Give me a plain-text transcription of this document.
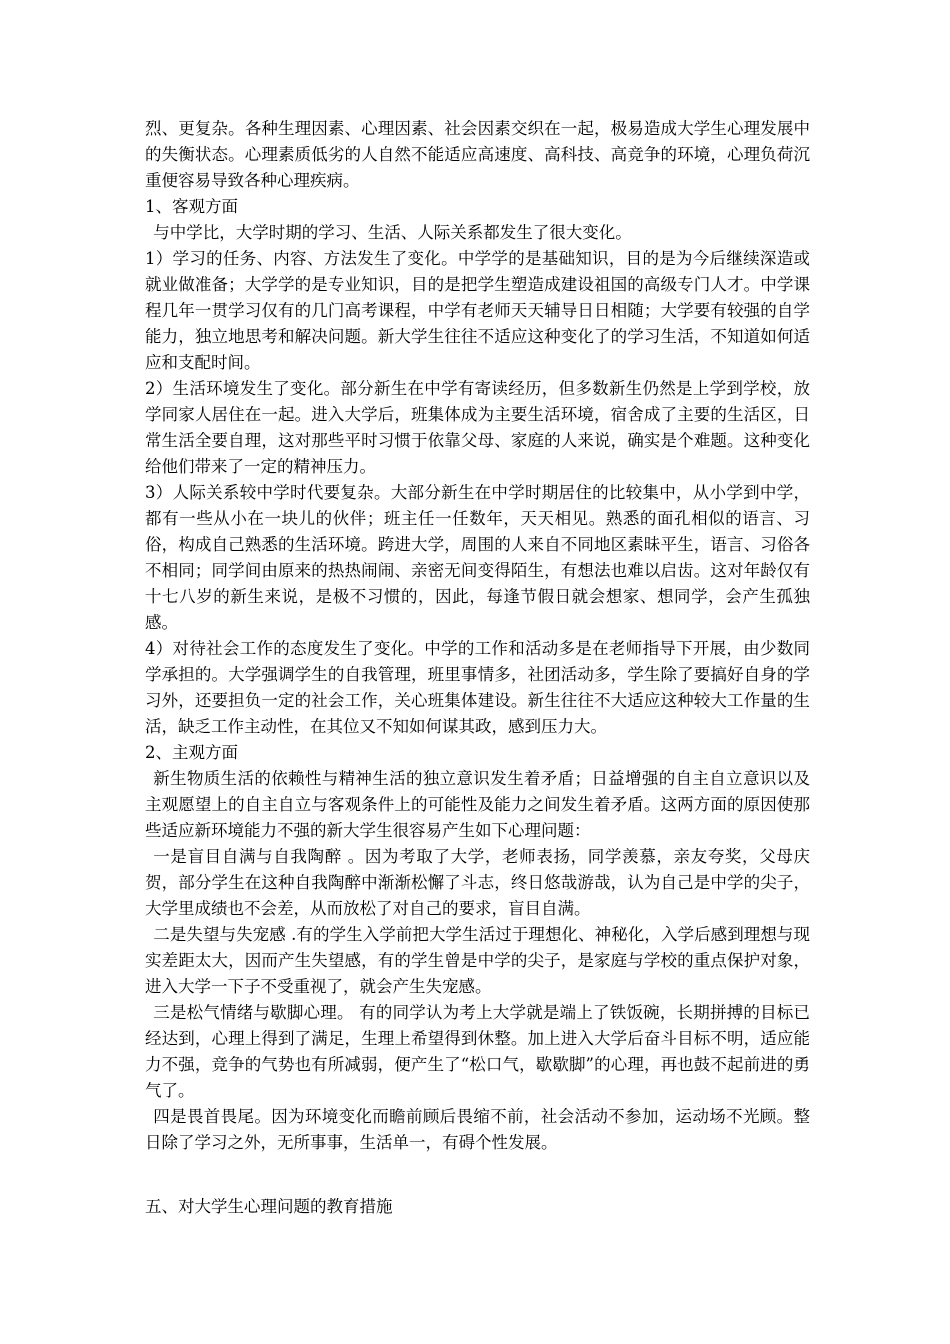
烈、更复杂。各种生理因素、心理因素、社会因素交织在一起，极易造成大学生心理发展中的失衡状态。心理素质低劣的人自然不能适应高速度、高科技、高竞争的环境，心理负荷沉重便容易导致各种心理疾病。

1、客观方面

与中学比，大学时期的学习、生活、人际关系都发生了很大变化。

1）学习的任务、内容、方法发生了变化。中学学的是基础知识，目的是为今后继续深造或就业做准备；大学学的是专业知识，目的是把学生塑造成建设祖国的高级专门人才。中学课程几年一贯学习仅有的几门高考课程，中学有老师天天辅导日日相随；大学要有较强的自学能力，独立地思考和解决问题。新大学生往往不适应这种变化了的学习生活，不知道如何适应和支配时间。

2）生活环境发生了变化。部分新生在中学有寄读经历，但多数新生仍然是上学到学校，放学同家人居住在一起。进入大学后，班集体成为主要生活环境，宿舍成了主要的生活区，日常生活全要自理，这对那些平时习惯于依靠父母、家庭的人来说，确实是个难题。这种变化给他们带来了一定的精神压力。

3）人际关系较中学时代要复杂。大部分新生在中学时期居住的比较集中，从小学到中学，都有一些从小在一块儿的伙伴；班主任一任数年，天天相见。熟悉的面孔相似的语言、习俗，构成自己熟悉的生活环境。跨进大学，周围的人来自不同地区素昧平生，语言、习俗各不相同；同学间由原来的热热闹闹、亲密无间变得陌生，有想法也难以启齿。这对年龄仅有十七八岁的新生来说，是极不习惯的，因此，每逢节假日就会想家、想同学，会产生孤独感。

4）对待社会工作的态度发生了变化。中学的工作和活动多是在老师指导下开展，由少数同学承担的。大学强调学生的自我管理，班里事情多，社团活动多，学生除了要搞好自身的学习外，还要担负一定的社会工作，关心班集体建设。新生往往不大适应这种较大工作量的生活，缺乏工作主动性，在其位又不知如何谋其政，感到压力大。

2、主观方面

新生物质生活的依赖性与精神生活的独立意识发生着矛盾；日益增强的自主自立意识以及主观愿望上的自主自立与客观条件上的可能性及能力之间发生着矛盾。这两方面的原因使那些适应新环境能力不强的新大学生很容易产生如下心理问题：

一是盲目自满与自我陶醉 。因为考取了大学，老师表扬，同学羡慕，亲友夸奖，父母庆贺，部分学生在这种自我陶醉中渐渐松懈了斗志，终日悠哉游哉，认为自己是中学的尖子，大学里成绩也不会差，从而放松了对自己的要求，盲目自满。

二是失望与失宠感 .有的学生入学前把大学生活过于理想化、神秘化，入学后感到理想与现实差距太大，因而产生失望感，有的学生曾是中学的尖子，是家庭与学校的重点保护对象，进入大学一下子不受重视了，就会产生失宠感。

三是松气情绪与歇脚心理。 有的同学认为考上大学就是端上了铁饭碗，长期拼搏的目标已经达到，心理上得到了满足，生理上希望得到休整。加上进入大学后奋斗目标不明，适应能力不强，竞争的气势也有所减弱，便产生了“松口气，歇歇脚”的心理，再也鼓不起前进的勇气了。

四是畏首畏尾。因为环境变化而瞻前顾后畏缩不前，社会活动不参加，运动场不光顾。整日除了学习之外，无所事事，生活单一，有碍个性发展。

五、对大学生心理问题的教育措施
